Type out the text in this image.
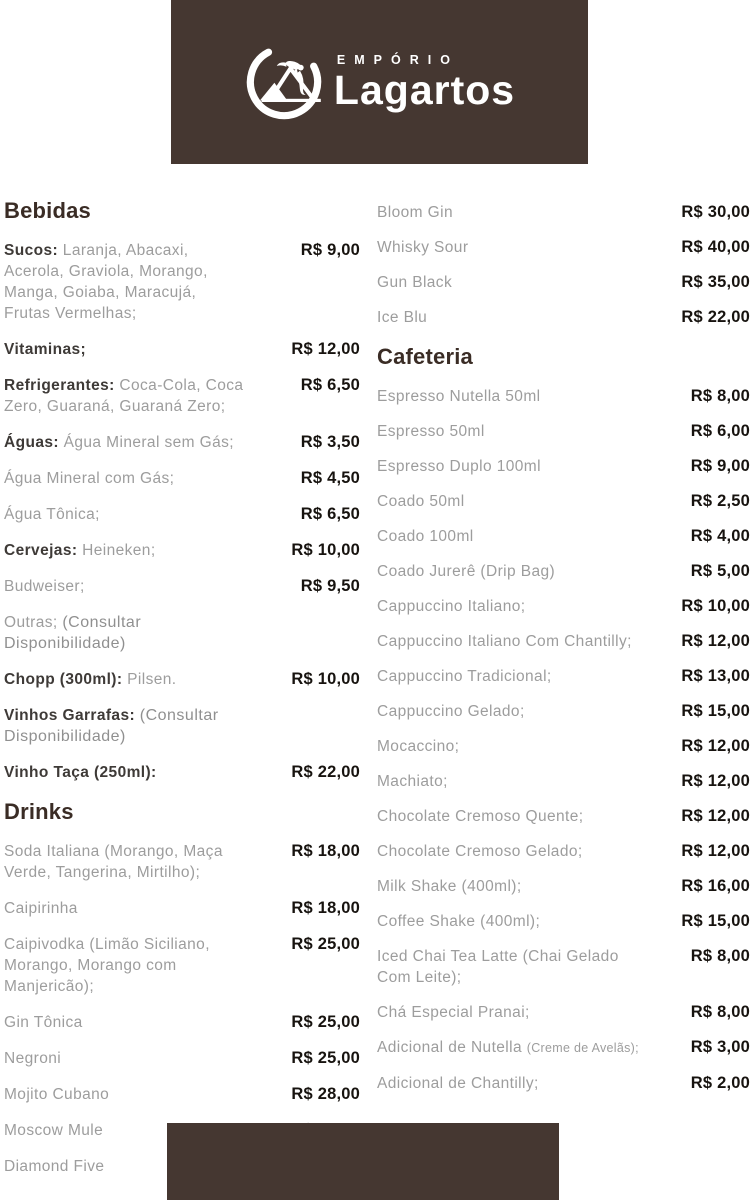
EMPÓRIO
Lagartos
Bebidas
Sucos: Laranja, Abacaxi, Acerola, Graviola, Morango, Manga, Goiaba, Maracujá, Frutas Vermelhas;
R$ 9,00
Vitaminas;	R$ 12,00
Refrigerantes: Coca-Cola, Coca Zero, Guaraná, Guaraná Zero;
R$ 6,50
Águas: Água Mineral sem Gás;	R$ 3,50
Água Mineral com Gás;	R$ 4,50
Água Tônica;	R$ 6,50
Cervejas: Heineken;	R$ 10,00
Budweiser;	R$ 9,50
Outras; (Consultar Disponibilidade)
Chopp (300ml): Pilsen.	R$ 10,00
Vinhos Garrafas: (Consultar Disponibilidade)
Vinho Taça (250ml):	R$ 22,00
Drinks
Soda Italiana (Morango, Maça Verde, Tangerina, Mirtilho);
R$ 18,00
Caipirinha	R$ 18,00
Caipivodka (Limão Siciliano, Morango, Morango com Manjericão);
R$ 25,00
Gin Tônica	R$ 25,00
Negroni	R$ 25,00
Mojito Cubano	R$ 28,00
Moscow Mule
Diamond Five
Bloom Gin	R$ 30,00
Whisky Sour	R$ 40,00
Gun Black	R$ 35,00
Ice Blu	R$ 22,00
Cafeteria
Espresso Nutella 50ml	R$ 8,00
Espresso 50ml	R$ 6,00
Espresso Duplo 100ml	R$ 9,00
Coado 50ml	R$ 2,50
Coado 100ml	R$ 4,00
Coado Jurerê (Drip Bag)	R$ 5,00
Cappuccino Italiano;	R$ 10,00
Cappuccino Italiano Com Chantilly;	R$ 12,00
Cappuccino Tradicional;	R$ 13,00
Cappuccino Gelado;	R$ 15,00
Mocaccino;	R$ 12,00
Machiato;	R$ 12,00
Chocolate Cremoso Quente;	R$ 12,00
Chocolate Cremoso Gelado;	R$ 12,00
Milk Shake (400ml);	R$ 16,00
Coffee Shake (400ml);	R$ 15,00
Iced Chai Tea Latte (Chai Gelado Com Leite);
R$ 8,00
Chá Especial Pranai;	R$ 8,00
Adicional de Nutella (Creme de Avelãs);	R$ 3,00
Adicional de Chantilly;	R$ 2,00
